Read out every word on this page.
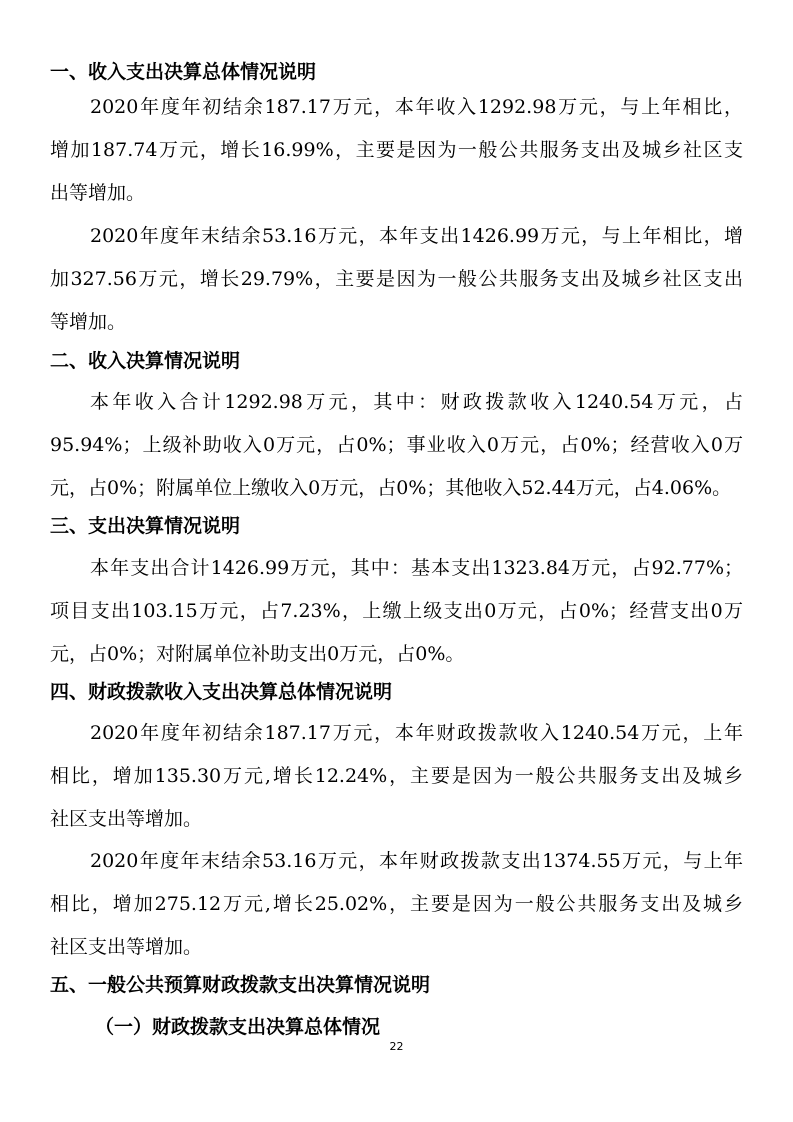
一、收入支出决算总体情况说明
2020年度年初结余187.17万元，本年收入1292.98万元，与上年相比，
增加187.74万元，增长16.99%，主要是因为一般公共服务支出及城乡社区支
出等增加。
2020年度年末结余53.16万元，本年支出1426.99万元，与上年相比，增
加327.56万元，增长29.79%，主要是因为一般公共服务支出及城乡社区支出
等增加。
二、收入决算情况说明
本年收入合计1292.98万元，其中：财政拨款收入1240.54万元，占
95.94%；上级补助收入0万元，占0%；事业收入0万元，占0%；经营收入0万
元，占0%；附属单位上缴收入0万元，占0%；其他收入52.44万元，占4.06%。
三、支出决算情况说明
本年支出合计1426.99万元，其中：基本支出1323.84万元，占92.77%；
项目支出103.15万元，占7.23%，上缴上级支出0万元，占0%；经营支出0万
元，占0%；对附属单位补助支出0万元，占0%。
四、财政拨款收入支出决算总体情况说明
2020年度年初结余187.17万元，本年财政拨款收入1240.54万元，上年
相比，增加135.30万元,增长12.24%，主要是因为一般公共服务支出及城乡
社区支出等增加。
2020年度年末结余53.16万元，本年财政拨款支出1374.55万元，与上年
相比，增加275.12万元,增长25.02%，主要是因为一般公共服务支出及城乡
社区支出等增加。
五、一般公共预算财政拨款支出决算情况说明
（一）财政拨款支出决算总体情况
22
